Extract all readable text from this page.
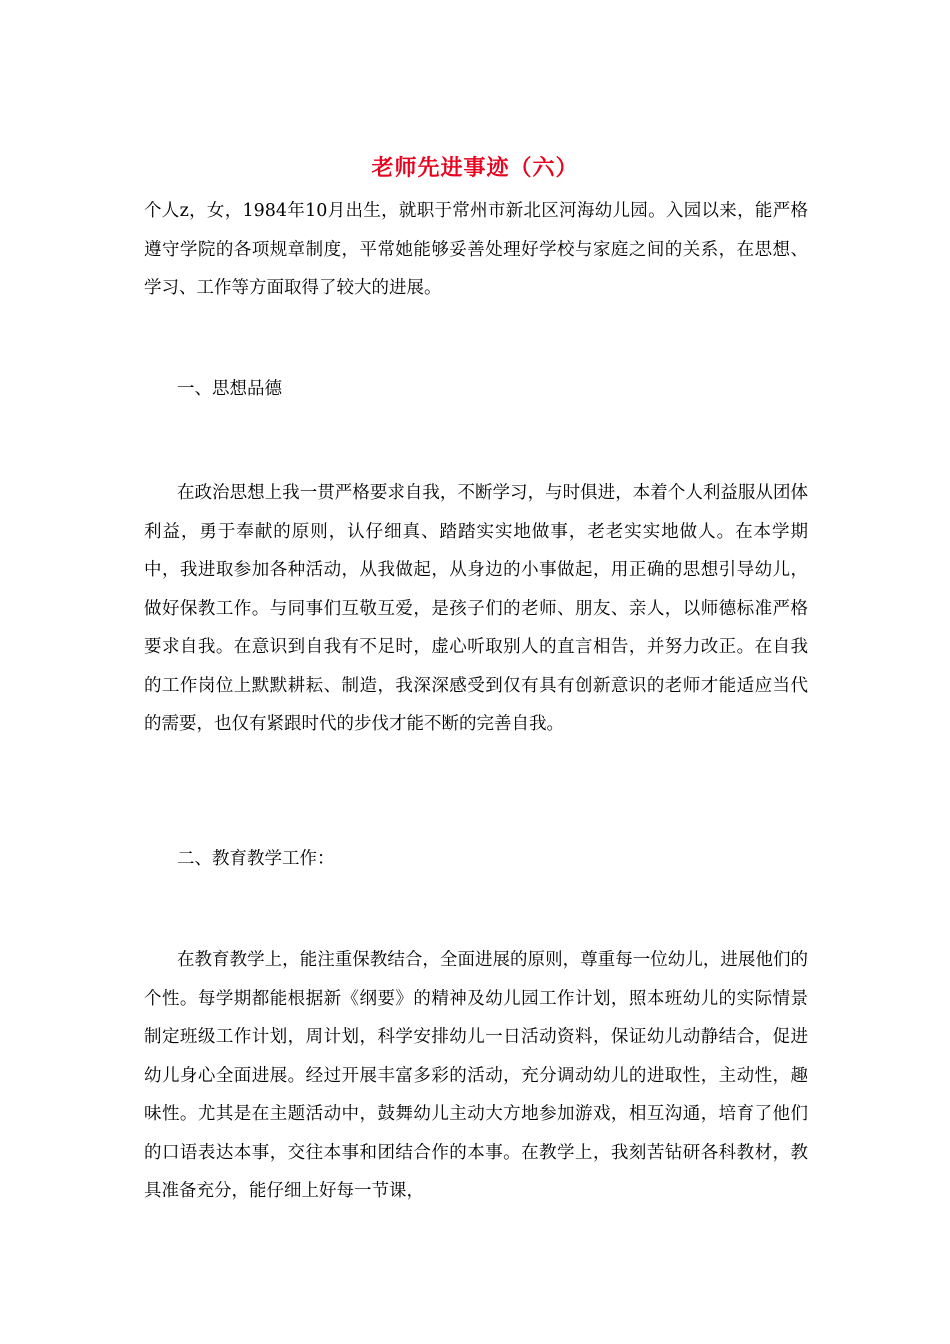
老师先进事迹（六）
个人z，女，1984年10月出生，就职于常州市新北区河海幼儿园。入园以来，能严格遵守学院的各项规章制度，平常她能够妥善处理好学校与家庭之间的关系，在思想、学习、工作等方面取得了较大的进展。
一、思想品德
在政治思想上我一贯严格要求自我，不断学习，与时俱进，本着个人利益服从团体利益，勇于奉献的原则，认仔细真、踏踏实实地做事，老老实实地做人。在本学期中，我进取参加各种活动，从我做起，从身边的小事做起，用正确的思想引导幼儿，做好保教工作。与同事们互敬互爱，是孩子们的老师、朋友、亲人，以师德标准严格要求自我。在意识到自我有不足时，虚心听取别人的直言相告，并努力改正。在自我的工作岗位上默默耕耘、制造，我深深感受到仅有具有创新意识的老师才能适应当代的需要，也仅有紧跟时代的步伐才能不断的完善自我。
二、教育教学工作：
在教育教学上，能注重保教结合，全面进展的原则，尊重每一位幼儿，进展他们的个性。每学期都能根据新《纲要》的精神及幼儿园工作计划，照本班幼儿的实际情景制定班级工作计划，周计划，科学安排幼儿一日活动资料，保证幼儿动静结合，促进幼儿身心全面进展。经过开展丰富多彩的活动，充分调动幼儿的进取性，主动性，趣味性。尤其是在主题活动中，鼓舞幼儿主动大方地参加游戏，相互沟通，培育了他们的口语表达本事，交往本事和团结合作的本事。在教学上，我刻苦钻研各科教材，教具准备充分，能仔细上好每一节课，
